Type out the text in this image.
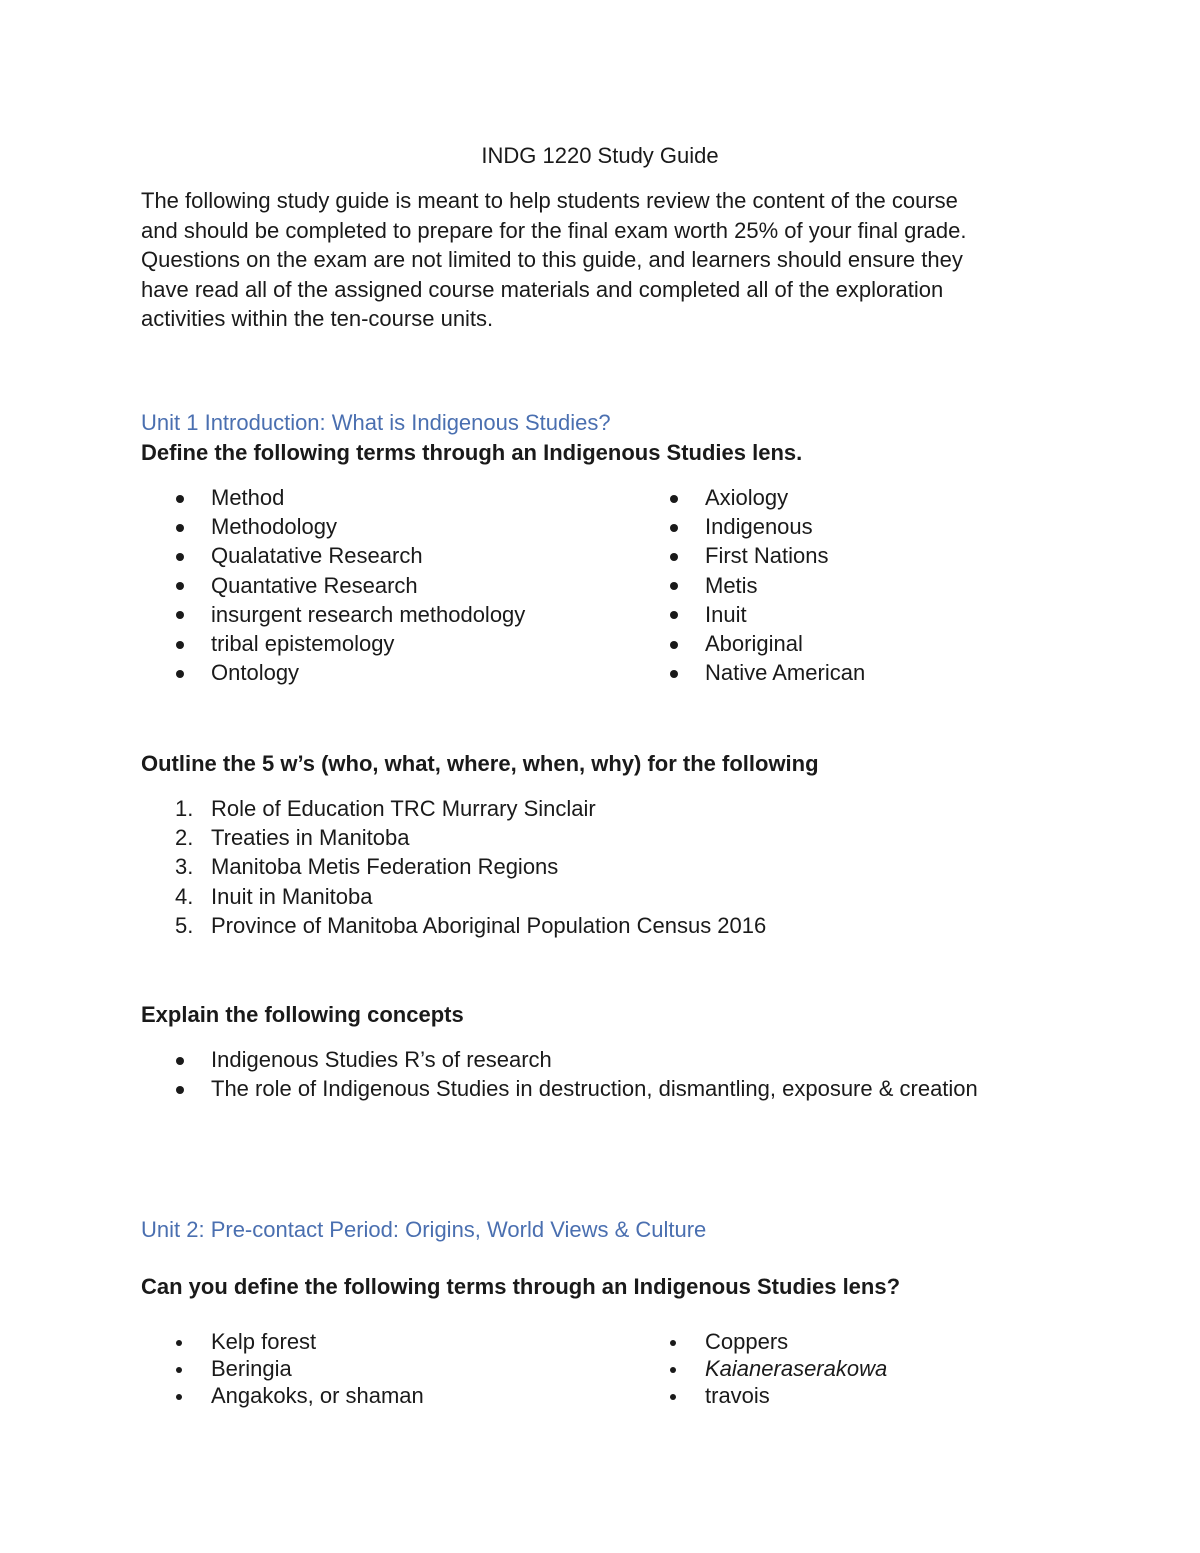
INDG 1220 Study Guide
The following study guide is meant to help students review the content of the course
and should be completed to prepare for the final exam worth 25% of your final grade.
Questions on the exam are not limited to this guide, and learners should ensure they
have read all of the assigned course materials and completed all of the exploration
activities within the ten-course units.
Unit 1 Introduction: What is Indigenous Studies?
Define the following terms through an Indigenous Studies lens.
Method
Methodology
Qualatative Research
Quantative Research
insurgent research methodology
tribal epistemology
Ontology
Axiology
Indigenous
First Nations
Metis
Inuit
Aboriginal
Native American
Outline the 5 w’s (who, what, where, when, why) for the following
1. Role of Education TRC Murrary Sinclair
2. Treaties in Manitoba
3. Manitoba Metis Federation Regions
4. Inuit in Manitoba
5. Province of Manitoba Aboriginal Population Census 2016
Explain the following concepts
Indigenous Studies R’s of research
The role of Indigenous Studies in destruction, dismantling, exposure & creation
Unit 2: Pre-contact Period: Origins, World Views & Culture
Can you define the following terms through an Indigenous Studies lens?
Kelp forest
Beringia
Angakoks, or shaman
Coppers
Kaianeraserakowa
travois
